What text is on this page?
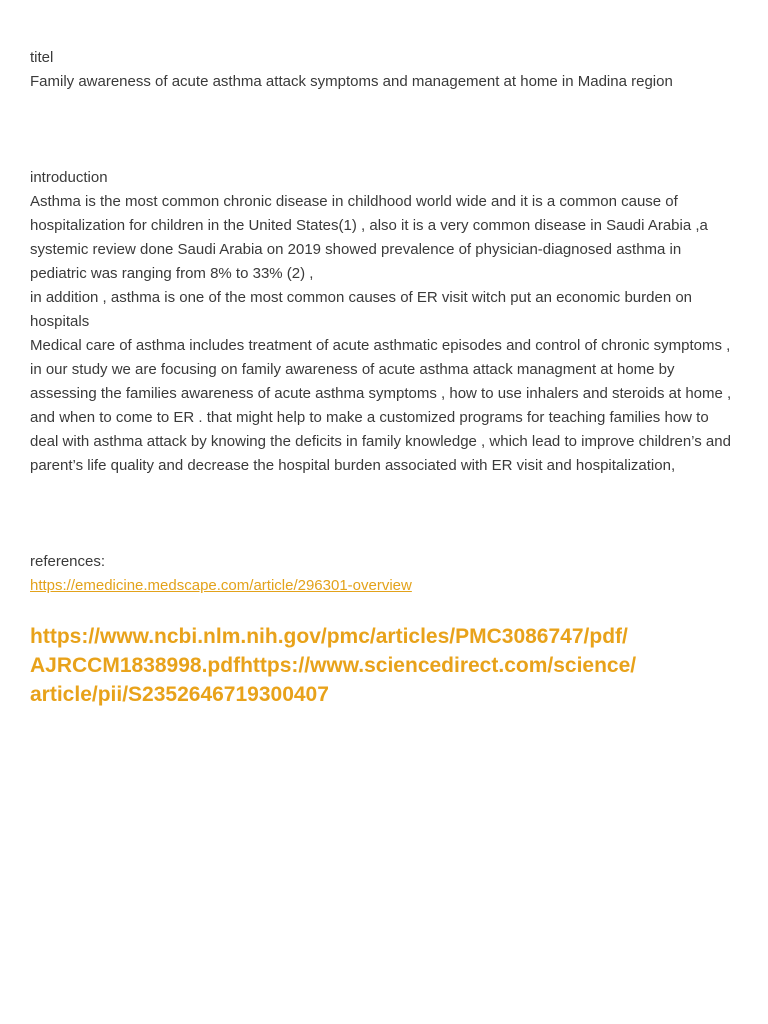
titel

Family awareness of acute asthma attack symptoms and management at home in Madina region

introduction

Asthma is the most common chronic disease in childhood world wide and it is a common cause of hospitalization for children in the United States(1) , also it is a very common disease in Saudi Arabia ,a systemic review done Saudi Arabia on 2019 showed prevalence of physician-diagnosed asthma in pediatric was ranging from 8% to 33% (2) ,

in addition , asthma is one of the most common causes of ER visit witch put an economic burden on hospitals

Medical care of asthma includes treatment of acute asthmatic episodes and control of chronic symptoms , in our study we are focusing on family awareness of acute asthma attack managment at home by assessing the families awareness of acute asthma symptoms , how to use inhalers and steroids at home , and when to come to ER . that might help to make a customized programs for teaching families how to deal with asthma attack by knowing the deficits in family knowledge , which lead to improve children’s and parent’s life quality and decrease the hospital burden associated with ER visit and hospitalization,

references:

https://emedicine.medscape.com/article/296301-overview
https://www.ncbi.nlm.nih.gov/pmc/articles/PMC3086747/pdf/
AJRCCM1838998.pdfhttps://www.sciencedirect.com/science/
article/pii/S2352646719300407
